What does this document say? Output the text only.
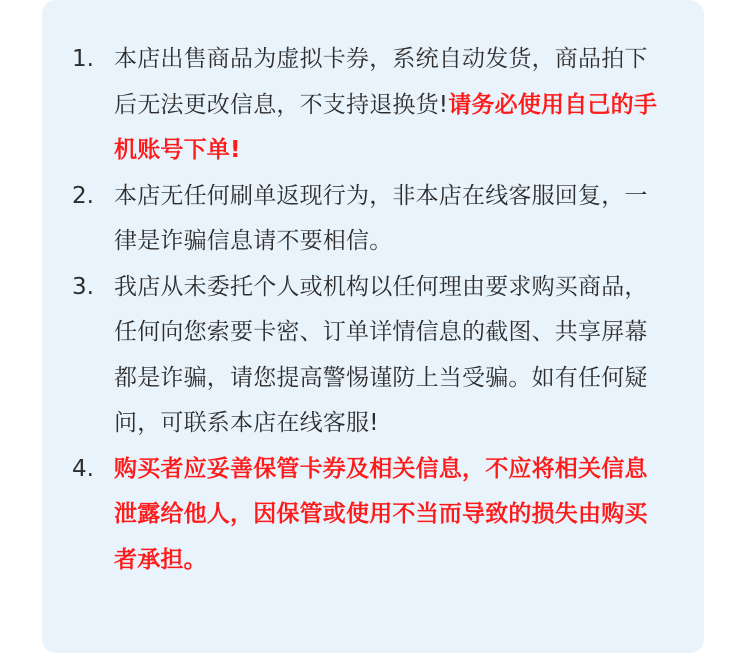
1. 本店出售商品为虚拟卡券，系统自动发货，商品拍下后无法更改信息，不支持退换货!请务必使用自己的手机账号下单!
2. 本店无任何刷单返现行为，非本店在线客服回复，一律是诈骗信息请不要相信。
3. 我店从未委托个人或机构以任何理由要求购买商品，任何向您索要卡密、订单详情信息的截图、共享屏幕都是诈骗，请您提高警惕谨防上当受骗。如有任何疑问，可联系本店在线客服!
4. 购买者应妥善保管卡券及相关信息，不应将相关信息泄露给他人，因保管或使用不当而导致的损失由购买者承担。
